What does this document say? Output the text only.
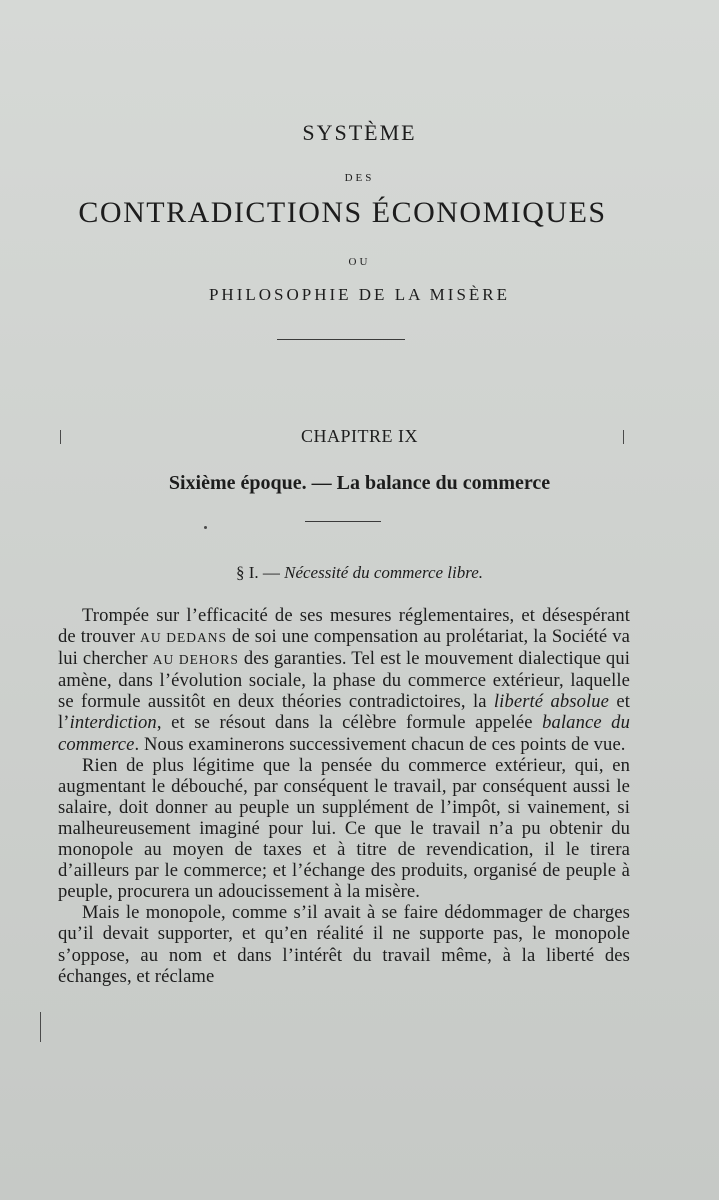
SYSTÈME
DES
CONTRADICTIONS ÉCONOMIQUES
OU
PHILOSOPHIE DE LA MISÈRE
CHAPITRE IX
Sixième époque. — La balance du commerce
§ I. — Nécessité du commerce libre.

Trompée sur l’efficacité de ses mesures réglementaires, et désespérant de trouver AU DEDANS de soi une compensation au prolétariat, la Société va lui chercher AU DEHORS des garanties. Tel est le mouvement dialectique qui amène, dans l’évolution sociale, la phase du commerce extérieur, laquelle se formule aussitôt en deux théories contradictoires, la liberté absolue et l’interdiction, et se résout dans la célèbre formule appelée balance du commerce. Nous examinerons successivement chacun de ces points de vue.

Rien de plus légitime que la pensée du commerce extérieur, qui, en augmentant le débouché, par conséquent le travail, par conséquent aussi le salaire, doit donner au peuple un supplément de l’impôt, si vainement, si malheureusement imaginé pour lui. Ce que le travail n’a pu obtenir du monopole au moyen de taxes et à titre de revendication, il le tirera d’ailleurs par le commerce; et l’échange des produits, organisé de peuple à peuple, procurera un adoucissement à la misère.

Mais le monopole, comme s’il avait à se faire dédommager de charges qu’il devait supporter, et qu’en réalité il ne supporte pas, le monopole s’oppose, au nom et dans l’intérêt du travail même, à la liberté des échanges, et réclame
